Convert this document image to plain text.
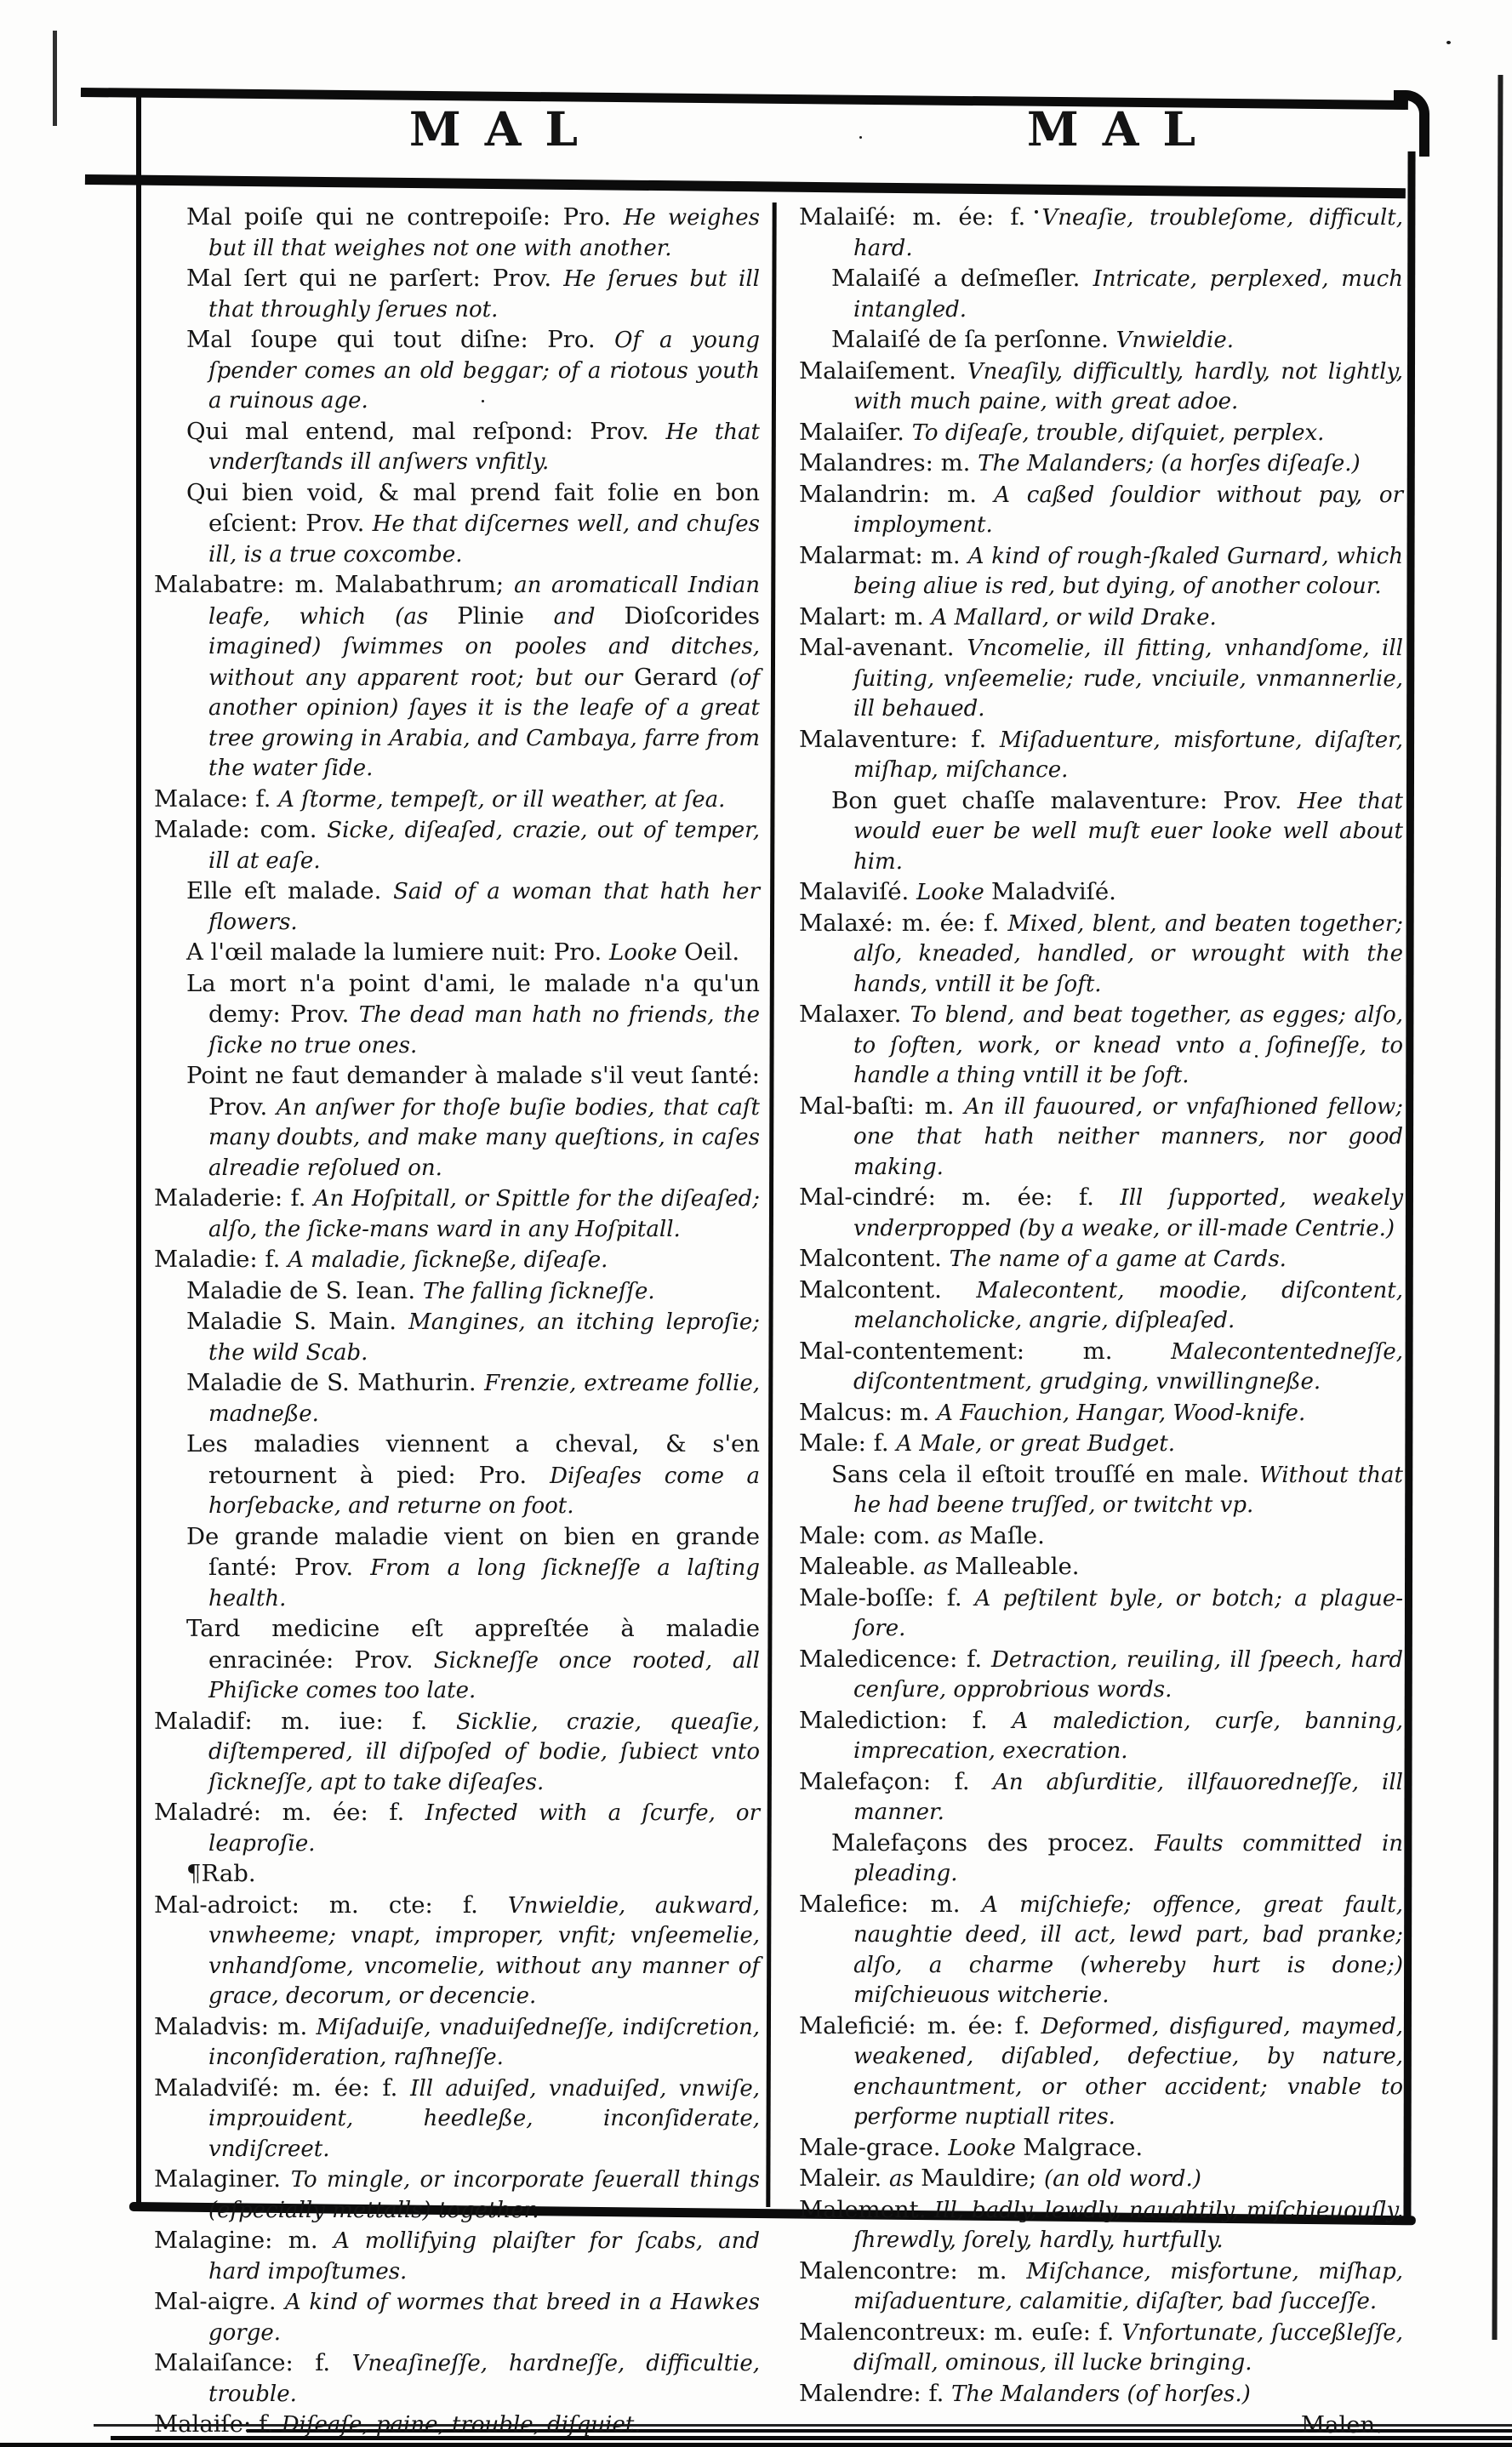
MAL	MAL

Mal poiſe qui ne contrepoiſe: Pro. He weighes but ill that weighes not one with another.

Mal ſert qui ne parſert: Prov. He ſerues but ill that throughly ſerues not.

Mal ſoupe qui tout diſne: Pro. Of a young ſpender comes an old beggar; of a riotous youth a ruinous age.

Qui mal entend, mal reſpond: Prov. He that vnderſtands ill anſwers vnfitly.

Qui bien void, & mal prend fait folie en bon eſcient: Prov. He that diſcernes well, and chuſes ill, is a true coxcombe.

Malabatre: m. Malabathrum; an aromaticall Indian leafe, which (as Plinie and Dioſcorides imagined) ſwimmes on pooles and ditches, without any apparent root; but our Gerard (of another opinion) ſayes it is the leafe of a great tree growing in Arabia, and Cambaya, farre from the water ſide.

Malace: f. A ſtorme, tempeſt, or ill weather, at ſea.

Malade: com. Sicke, diſeaſed, crazie, out of temper, ill at eaſe.

Elle eſt malade. Said of a woman that hath her flowers.

A l'œil malade la lumiere nuit: Pro. Looke Oeil.

La mort n'a point d'ami, le malade n'a qu'un demy: Prov. The dead man hath no friends, the ſicke no true ones.

Point ne faut demander à malade s'il veut ſanté: Prov. An anſwer for thoſe buſie bodies, that caſt many doubts, and make many queſtions, in caſes alreadie reſolued on.

Maladerie: f. An Hoſpitall, or Spittle for the diſeaſed; alſo, the ſicke-mans ward in any Hoſpitall.

Maladie: f. A maladie, ſickneße, diſeaſe.

Maladie de S. Iean. The falling ſickneſſe.

Maladie S. Main. Mangines, an itching leproſie; the wild Scab.

Maladie de S. Mathurin. Frenzie, extreame follie, madneße.

Les maladies viennent a cheval, & s'en retournent à pied: Pro. Diſeaſes come a horſebacke, and returne on foot.

De grande maladie vient on bien en grande ſanté: Prov. From a long ſickneſſe a laſting health.

Tard medicine eſt appreſtée à maladie enracinée: Prov. Sickneſſe once rooted, all Phiſicke comes too late.

Maladif: m. iue: f. Sicklie, crazie, queaſie, diſtempered, ill diſpoſed of bodie, ſubiect vnto ſickneſſe, apt to take diſeaſes.

Maladré: m. ée: f. Infected with a ſcurfe, or leaproſie.

¶Rab.

Mal-adroict: m. cte: f. Vnwieldie, aukward, vnwheeme; vnapt, improper, vnfit; vnſeemelie, vnhandſome, vncomelie, without any manner of grace, decorum, or decencie.

Maladvis: m. Miſaduiſe, vnaduiſedneſſe, indiſcretion, inconſideration, raſhneſſe.

Maladviſé: m. ée: f. Ill aduiſed, vnaduiſed, vnwiſe, improuident, heedleße, inconſiderate, vndiſcreet.

Malaginer. To mingle, or incorporate ſeuerall things (eſpecially mettalls) together.

Malagine: m. A mollifying plaiſter for ſcabs, and hard impoſtumes.

Mal-aigre. A kind of wormes that breed in a Hawkes gorge.

Malaiſance: f. Vneaſineſſe, hardneſſe, difficultie, trouble.

Malaiſe: f. Diſeaſe, paine, trouble, diſquiet.

Malaiſé: m. ée: f. Vneaſie, troubleſome, difficult, hard.

Malaiſé a deſmeſler. Intricate, perplexed, much intangled.

Malaiſé de ſa perſonne. Vnwieldie.

Malaiſement. Vneaſily, difficultly, hardly, not lightly, with much paine, with great adoe.

Malaiſer. To diſeaſe, trouble, diſquiet, perplex.

Malandres: m. The Malanders; (a horſes diſeaſe.)

Malandrin: m. A caßed ſouldior without pay, or imployment.

Malarmat: m. A kind of rough-ſkaled Gurnard, which being aliue is red, but dying, of another colour.

Malart: m. A Mallard, or wild Drake.

Mal-avenant. Vncomelie, ill fitting, vnhandſome, ill ſuiting, vnſeemelie; rude, vnciuile, vnmannerlie, ill behaued.

Malaventure: f. Miſaduenture, misfortune, diſaſter, miſhap, miſchance.

Bon guet chaſſe malaventure: Prov. Hee that would euer be well muſt euer looke well about him.

Malaviſé. Looke Maladviſé.

Malaxé: m. ée: f. Mixed, blent, and beaten together; alſo, kneaded, handled, or wrought with the hands, vntill it be ſoft.

Malaxer. To blend, and beat together, as egges; alſo, to ſoften, work, or knead vnto a ſofineſſe, to handle a thing vntill it be ſoft.

Mal-baſti: m. An ill fauoured, or vnfaſhioned fellow; one that hath neither manners, nor good making.

Mal-cindré: m. ée: f. Ill ſupported, weakely vnderpropped (by a weake, or ill-made Centrie.)

Malcontent. The name of a game at Cards.

Malcontent. Malecontent, moodie, diſcontent, melancholicke, angrie, diſpleaſed.

Mal-contentement: m. Malecontentedneſſe, diſcontentment, grudging, vnwillingneße.

Malcus: m. A Fauchion, Hangar, Wood-knife.

Male: f. A Male, or great Budget.

Sans cela il eſtoit trouſſé en male. Without that he had beene truſſed, or twitcht vp.

Male: com. as Maſle.

Maleable. as Malleable.

Male-boſſe: f. A peſtilent byle, or botch; a plague-ſore.

Maledicence: f. Detraction, reuiling, ill ſpeech, hard cenſure, opprobrious words.

Malediction: f. A malediction, curſe, banning, imprecation, execration.

Malefaçon: f. An abſurditie, illfauoredneſſe, ill manner.

Malefaçons des procez. Faults committed in pleading.

Malefice: m. A miſchiefe; offence, great fault, naughtie deed, ill act, lewd part, bad pranke; alſo, a charme (whereby hurt is done;) miſchieuous witcherie.

Maleficié: m. ée: f. Deformed, disfigured, maymed, weakened, diſabled, defectiue, by nature, enchauntment, or other accident; vnable to performe nuptiall rites.

Male-grace. Looke Malgrace.

Maleir. as Mauldire; (an old word.)

Malement. Ill, badly, lewdly, naughtily, miſchieuouſly, ſhrewdly, ſorely, hardly, hurtfully.

Malencontre: m. Miſchance, misfortune, miſhap, miſaduenture, calamitie, diſaſter, bad ſucceſſe.

Malencontreux: m. euſe: f. Vnfortunate, ſucceßleſſe, diſmall, ominous, ill lucke bringing.

Malendre: f. The Malanders (of horſes.)

Malen.
